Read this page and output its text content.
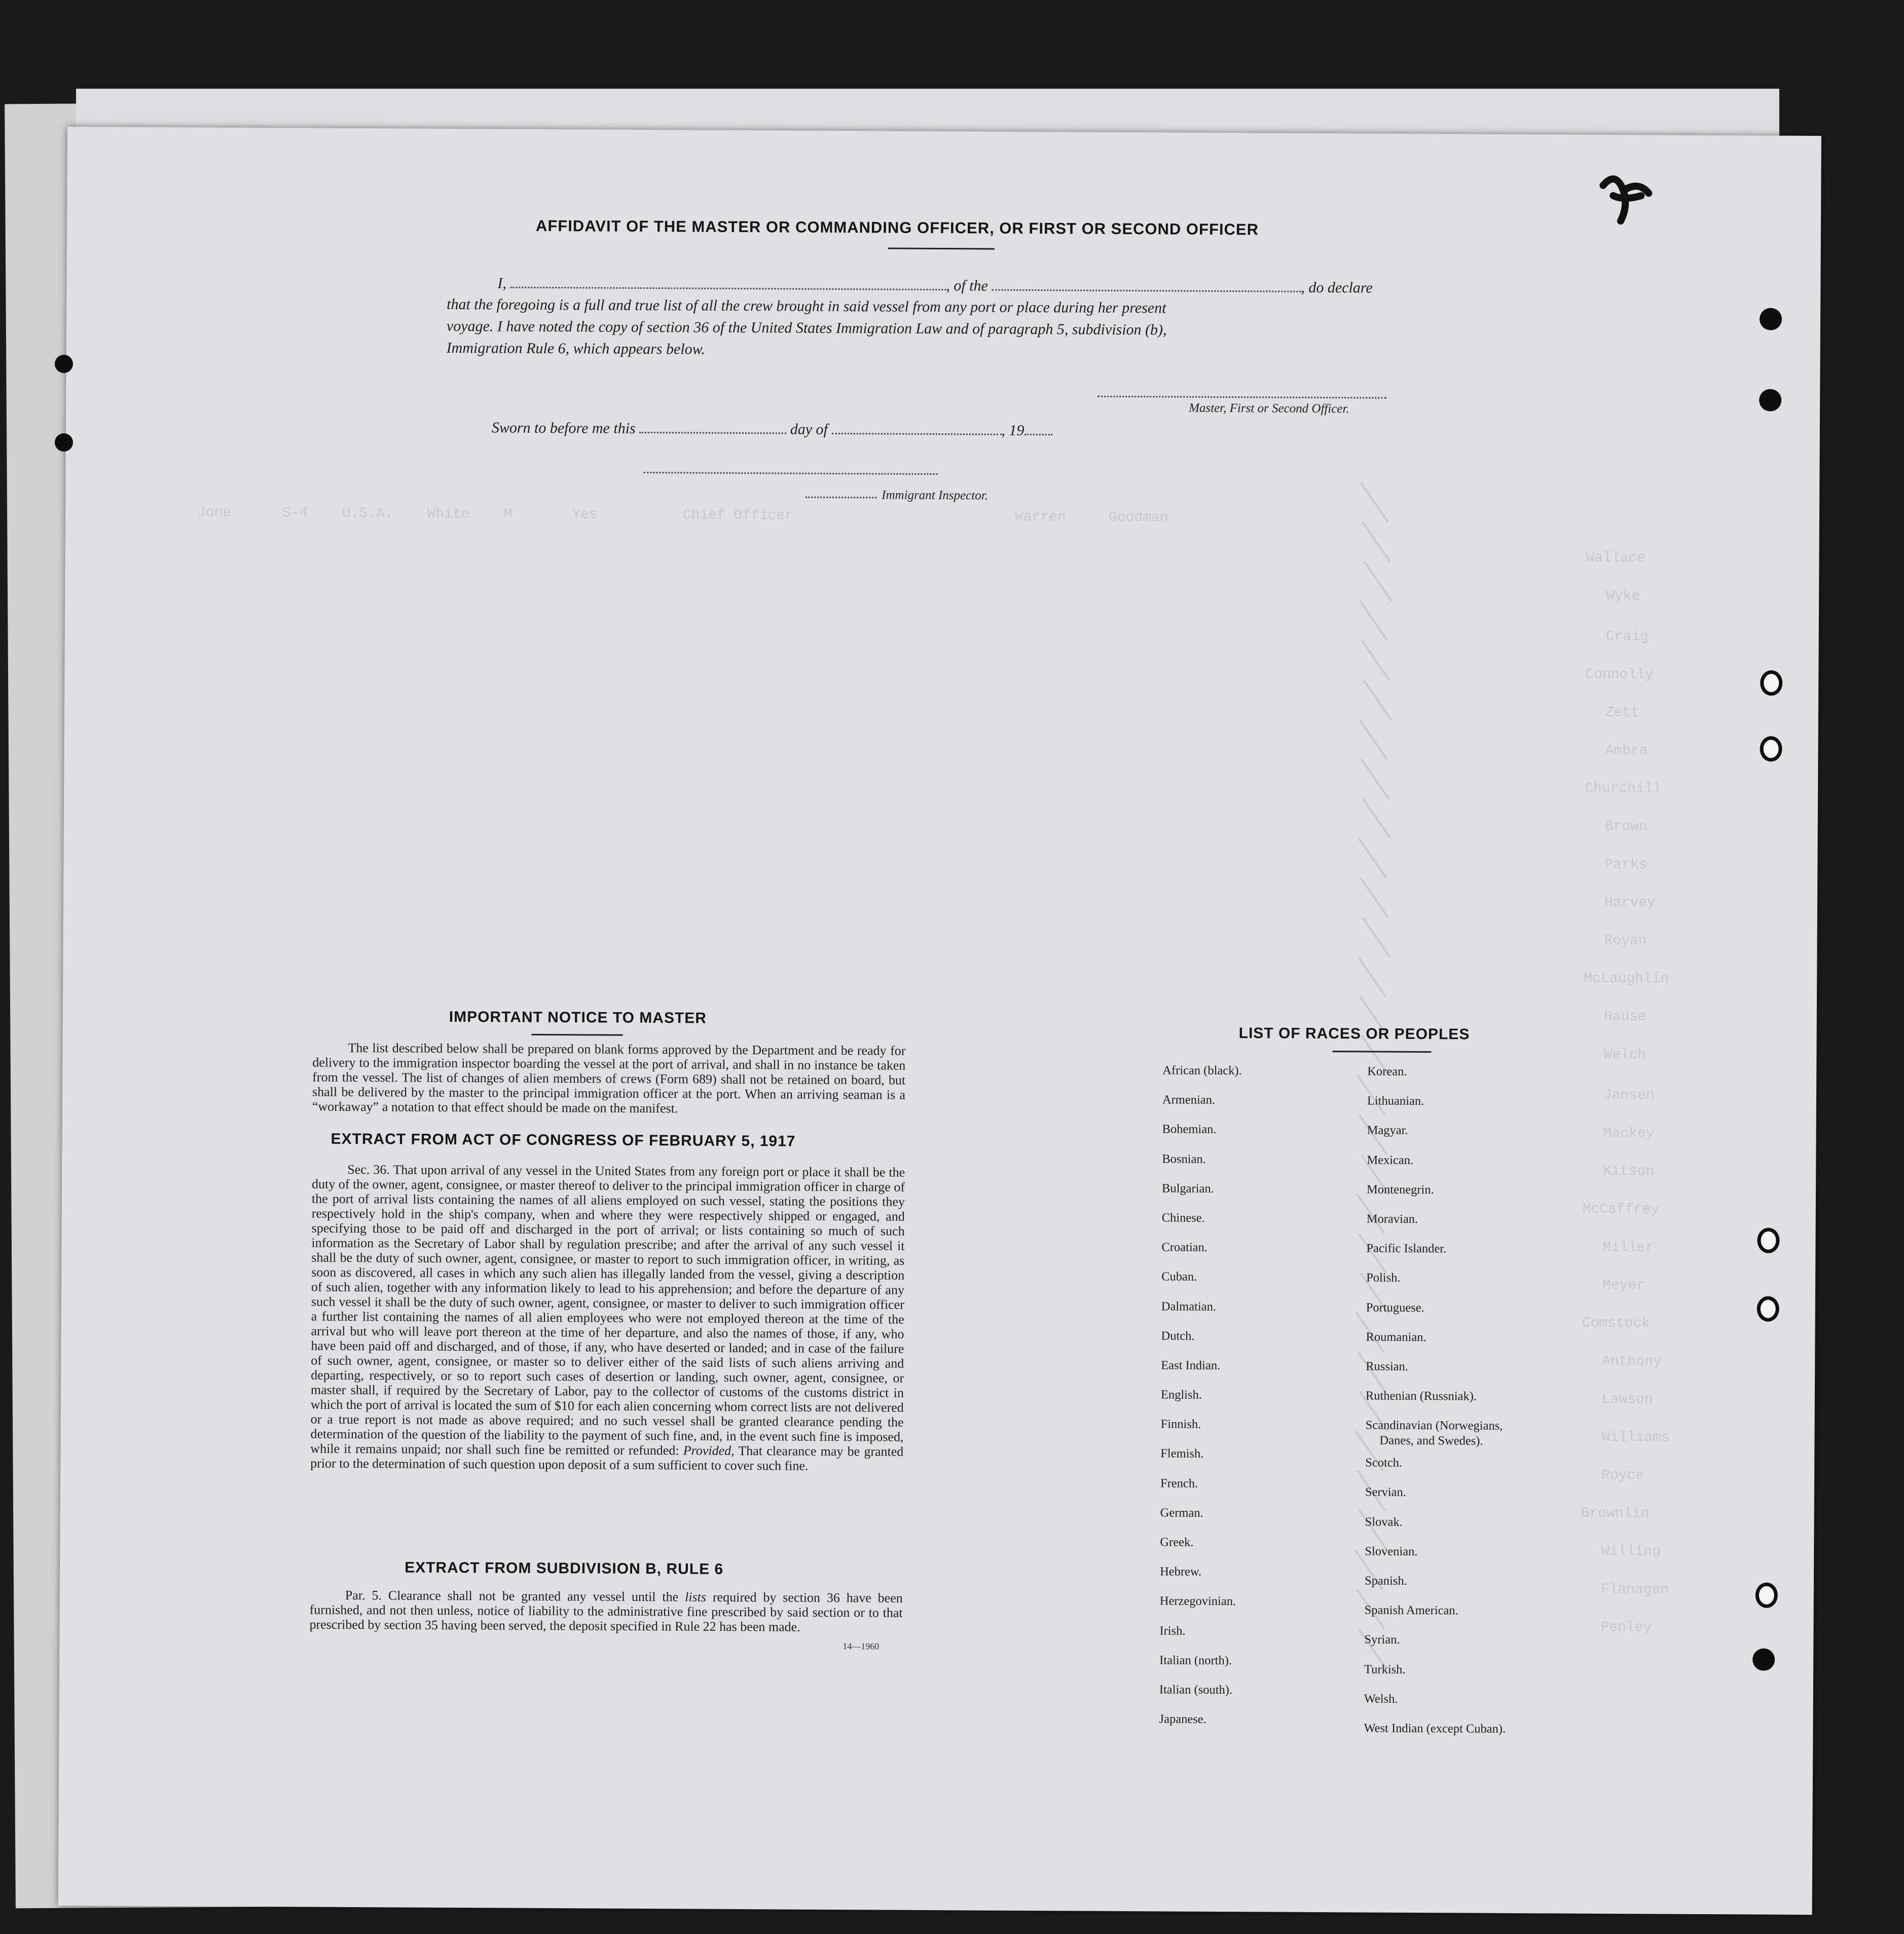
Jone      S-4    U.S.A.    White    M       Yes          Chief Officer                          Warren     Goodman
Wallace
Wyke
Craig
Connolly
Zett
Ambra
Churchill
Brown
Parks
Harvey
Royan
McLaughlin
Hause
Welch
Jansen
Mackey
Kitson
McCaffrey
Miller
Meyer
Comstock
Anthony
Lawson
Williams
Royce
Brownlin
Willing
Flanagan
Penley
AFFIDAVIT OF THE MASTER OR COMMANDING OFFICER, OR FIRST OR SECOND OFFICER
I,	, of the	, do declare
that the foregoing is a full and true list of all the crew brought in said vessel from any port or place during her present
voyage. I have noted the copy of section 36 of the United States Immigration Law and of paragraph 5, subdivision (b),
Immigration Rule 6, which appears below.
Master, First or Second Officer.
Sworn to before me this	day of	, 19
Immigrant Inspector.
IMPORTANT NOTICE TO MASTER
The list described below shall be prepared on blank forms approved by the Department and be ready for delivery to the immigration inspector boarding the vessel at the port of arrival, and shall in no instance be taken from the vessel. The list of changes of alien members of crews (Form 689) shall not be retained on board, but shall be delivered by the master to the principal immigration officer at the port. When an arriving seaman is a “workaway” a notation to that effect should be made on the manifest.
EXTRACT FROM ACT OF CONGRESS OF FEBRUARY 5, 1917
Sec. 36. That upon arrival of any vessel in the United States from any foreign port or place it shall be the duty of the owner, agent, consignee, or master thereof to deliver to the principal immigration officer in charge of the port of arrival lists containing the names of all aliens employed on such vessel, stating the positions they respectively hold in the ship's company, when and where they were respectively shipped or engaged, and specifying those to be paid off and discharged in the port of arrival; or lists containing so much of such information as the Secretary of Labor shall by regulation prescribe; and after the arrival of any such vessel it shall be the duty of such owner, agent, consignee, or master to report to such immigration officer, in writing, as soon as discovered, all cases in which any such alien has illegally landed from the vessel, giving a description of such alien, together with any information likely to lead to his apprehension; and before the departure of any such vessel it shall be the duty of such owner, agent, consignee, or master to deliver to such immigration officer a further list containing the names of all alien employees who were not employed thereon at the time of the arrival but who will leave port thereon at the time of her departure, and also the names of those, if any, who have been paid off and discharged, and of those, if any, who have deserted or landed; and in case of the failure of such owner, agent, consignee, or master so to deliver either of the said lists of such aliens arriving and departing, respectively, or so to report such cases of desertion or landing, such owner, agent, consignee, or master shall, if required by the Secretary of Labor, pay to the collector of customs of the customs district in which the port of arrival is located the sum of $10 for each alien concerning whom correct lists are not delivered or a true report is not made as above required; and no such vessel shall be granted clearance pending the determination of the question of the liability to the payment of such fine, and, in the event such fine is imposed, while it remains unpaid; nor shall such fine be remitted or refunded: Provided, That clearance may be granted prior to the determination of such question upon deposit of a sum sufficient to cover such fine.
EXTRACT FROM SUBDIVISION B, RULE 6
Par. 5. Clearance shall not be granted any vessel until the lists required by section 36 have been furnished, and not then unless, notice of liability to the administrative fine prescribed by said section or to that prescribed by section 35 having been served, the deposit specified in Rule 22 has been made.
14—1960
LIST OF RACES OR PEOPLES
African (black).
Armenian.
Bohemian.
Bosnian.
Bulgarian.
Chinese.
Croatian.
Cuban.
Dalmatian.
Dutch.
East Indian.
English.
Finnish.
Flemish.
French.
German.
Greek.
Hebrew.
Herzegovinian.
Irish.
Italian (north).
Italian (south).
Japanese.
Korean.
Lithuanian.
Magyar.
Mexican.
Montenegrin.
Moravian.
Pacific Islander.
Polish.
Portuguese.
Roumanian.
Russian.
Ruthenian (Russniak).
Scandinavian (Norwegians,
Danes, and Swedes).
Scotch.
Servian.
Slovak.
Slovenian.
Spanish.
Spanish American.
Syrian.
Turkish.
Welsh.
West Indian (except Cuban).
